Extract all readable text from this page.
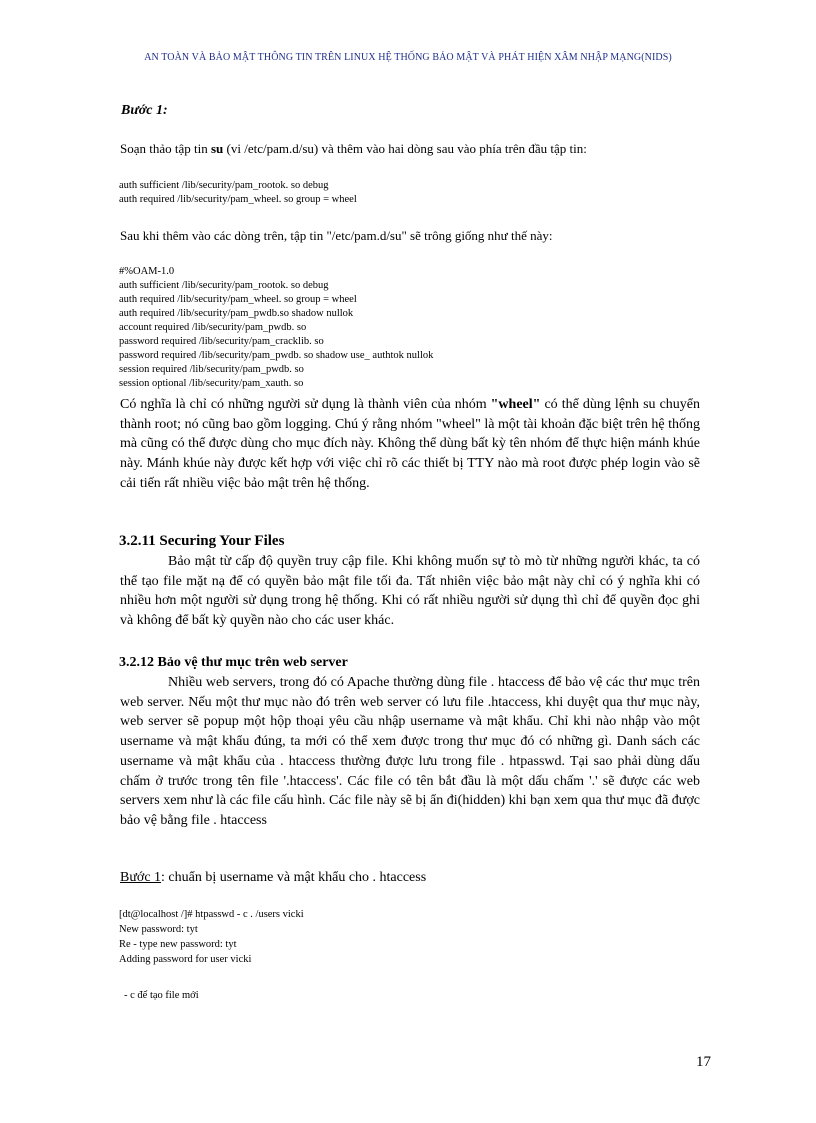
AN TOÀN VÀ BẢO MẬT THÔNG TIN TRÊN LINUX HỆ THỐNG BẢO MẬT VÀ PHÁT HIỆN XÂM NHẬP MẠNG(NIDS)
Bước 1:
Soạn thảo tập tin su (vi /etc/pam.d/su) và thêm vào hai dòng sau vào phía trên đầu tập tin:
auth sufficient /lib/security/pam_rootok. so debug
auth required /lib/security/pam_wheel. so group = wheel
Sau khi thêm vào các dòng trên, tập tin "/etc/pam.d/su" sẽ trông giống như thế này:
#%OAM-1.0
auth sufficient /lib/security/pam_rootok. so debug
auth required /lib/security/pam_wheel. so group = wheel
auth required /lib/security/pam_pwdb.so shadow nullok
account required /lib/security/pam_pwdb. so
password required /lib/security/pam_cracklib. so
password required /lib/security/pam_pwdb. so shadow use_ authtok nullok
session required /lib/security/pam_pwdb. so
session optional /lib/security/pam_xauth. so
Có nghĩa là chỉ có những người sử dụng là thành viên của nhóm "wheel" có thể dùng lệnh su chuyển thành root; nó cũng bao gồm logging. Chú ý rằng nhóm "wheel" là một tài khoản đặc biệt trên hệ thống mà cũng có thể được dùng cho mục đích này. Không thể dùng bất kỳ tên nhóm để thực hiện mánh khúe này. Mánh khúe này được kết hợp với việc chỉ rõ các thiết bị TTY nào mà root được phép login vào sẽ cải tiến rất nhiều việc bảo mật trên hệ thống.
3.2.11 Securing Your Files
Bảo mật từ cấp độ quyền truy cập file. Khi không muốn sự tò mò từ những người khác, ta có thể tạo file mặt nạ để có quyền bảo mật file tối đa. Tất nhiên việc bảo mật này chỉ có ý nghĩa khi có nhiều hơn một người sử dụng trong hệ thống. Khi có rất nhiều người sử dụng thì chỉ để quyền đọc ghi và không để bất kỳ quyền nào cho các user khác.
3.2.12 Bảo vệ thư mục trên web server
Nhiều web servers, trong đó có Apache thường dùng file . htaccess để bảo vệ các thư mục trên web server. Nếu một thư mục nào đó trên web server có lưu file .htaccess, khi duyệt qua thư mục này, web server sẽ popup một hộp thoại yêu cầu nhập username và mật khẩu. Chỉ khi nào nhập vào một username và mật khẩu đúng, ta mới có thể xem được trong thư mục đó có những gì. Danh sách các username và mật khẩu của . htaccess thường được lưu trong file . htpasswd. Tại sao phải dùng dấu chấm ở trước trong tên file '.htaccess'. Các file có tên bắt đầu là một dấu chấm '.' sẽ được các web servers xem như là các file cấu hình. Các file này sẽ bị ẩn đi(hidden) khi bạn xem qua thư mục đã được bảo vệ bằng file . htaccess
Bước 1: chuẩn bị username và mật khẩu cho . htaccess
[dt@localhost /]# htpasswd - c . /users vicki
New password: tyt
Re - type new password: tyt
Adding password for user vicki
- c để tạo file mới
17
